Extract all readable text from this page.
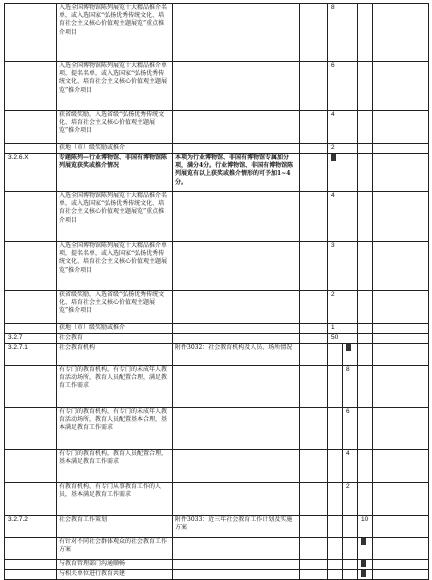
	入选全国博物馆陈列展览十大精品推介名单，或入选国家“弘扬优秀传统文化、培育社会主义核心价值观主题展览”重点推介项目			8			
	入选全国博物馆陈列展览十大精品推介单项，提名名单，或入选国家“弘扬优秀传统文化、培育社会主义核心价值观主题展览”推介项目			6			
	获省级奖励，入选省级“弘扬优秀传统文化、培育社会主义核心价值观主题展览”推介项目			4			
	获地（市）级奖励或推介			2			
3.2.6.X	专题陈列—行业博物馆、非国有博物馆陈列展览获奖或推介情况	本项为行业博物馆、非国有博物馆专属加分项，满分4分。行业博物馆、非国有博物馆陈列展览有以上获奖或推介情形的可予加1~4分。				
	入选全国博物馆陈列展览十大精品推介名单，或入选国家“弘扬优秀传统文化、培育社会主义核心价值观主题展览”重点推介项目			4			
	入选全国博物馆陈列展览十大精品推介单项，提名名单，或入选国家“弘扬优秀传统文化、培育社会主义核心价值观主题展览”推介项目			3			
	获省级奖励，入选省级“弘扬优秀传统文化、培育社会主义核心价值观主题展览”推介项目			2			
	获地（市）级奖励或推介			1			
3.2.7	社会教育			50			
3.2.7.1	社会教育机构	附件3032：社会教育机构及人员、场所情况					
	有专门的教育机构，有专门的未成年人教育活动场所，教育人员配置合理，满足教育工作需求				8		
	有专门的教育机构，有专门的未成年人教育活动场所，教育人员配置基本合理，基本满足教育工作需求				6		
	有专门的教育机构，教育人员配置合理，基本满足教育工作需求				4		
	有教育机构，有专门从事教育工作的人员，基本满足教育工作需求				2		
3.2.7.2	社会教育工作策划	附件3033：近三年社会教育工作计划及实施方案				10	
	有针对不同社会群体观众的社会教育工作方案						
	与教育管理部门沟通顺畅						
	与相关单位进行教育共建						
